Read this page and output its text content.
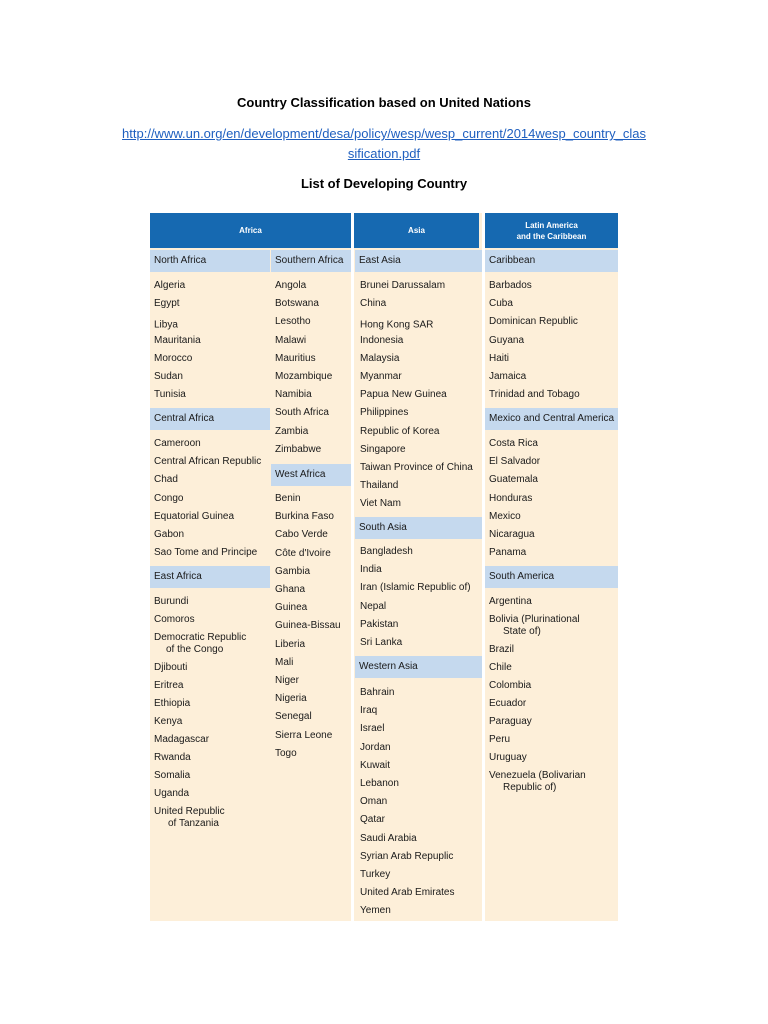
Country Classification based on United Nations
http://www.un.org/en/development/desa/policy/wesp/wesp_current/2014wesp_country_clas
sification.pdf
List of Developing Country
Africa	Asia
Latin America
and the Caribbean
North Africa
Algeria
Egypt
Libya
Mauritania
Morocco
Sudan
Tunisia
Central Africa
Cameroon
Central African Republic
Chad
Congo
Equatorial Guinea
Gabon
Sao Tome and Principe
East Africa
Burundi
Comoros
Democratic Republic
of the Congo
Djibouti
Eritrea
Ethiopia
Kenya
Madagascar
Rwanda
Somalia
Uganda
United Republic
of Tanzania
Southern Africa
Angola
Botswana
Lesotho
Malawi
Mauritius
Mozambique
Namibia
South Africa
Zambia
Zimbabwe
West Africa
Benin
Burkina Faso
Cabo Verde
Côte d'Ivoire
Gambia
Ghana
Guinea
Guinea-Bissau
Liberia
Mali
Niger
Nigeria
Senegal
Sierra Leone
Togo
East Asia
Brunei Darussalam
China
Hong Kong SAR
Indonesia
Malaysia
Myanmar
Papua New Guinea
Philippines
Republic of Korea
Singapore
Taiwan Province of China
Thailand
Viet Nam
South Asia
Bangladesh
India
Iran (Islamic Republic of)
Nepal
Pakistan
Sri Lanka
Western Asia
Bahrain
Iraq
Israel
Jordan
Kuwait
Lebanon
Oman
Qatar
Saudi Arabia
Syrian Arab Repuplic
Turkey
United Arab Emirates
Yemen
Caribbean
Barbados
Cuba
Dominican Republic
Guyana
Haiti
Jamaica
Trinidad and Tobago
Mexico and Central America
Costa Rica
El Salvador
Guatemala
Honduras
Mexico
Nicaragua
Panama
South America
Argentina
Bolivia (Plurinational
State of)
Brazil
Chile
Colombia
Ecuador
Paraguay
Peru
Uruguay
Venezuela (Bolivarian
Republic of)
